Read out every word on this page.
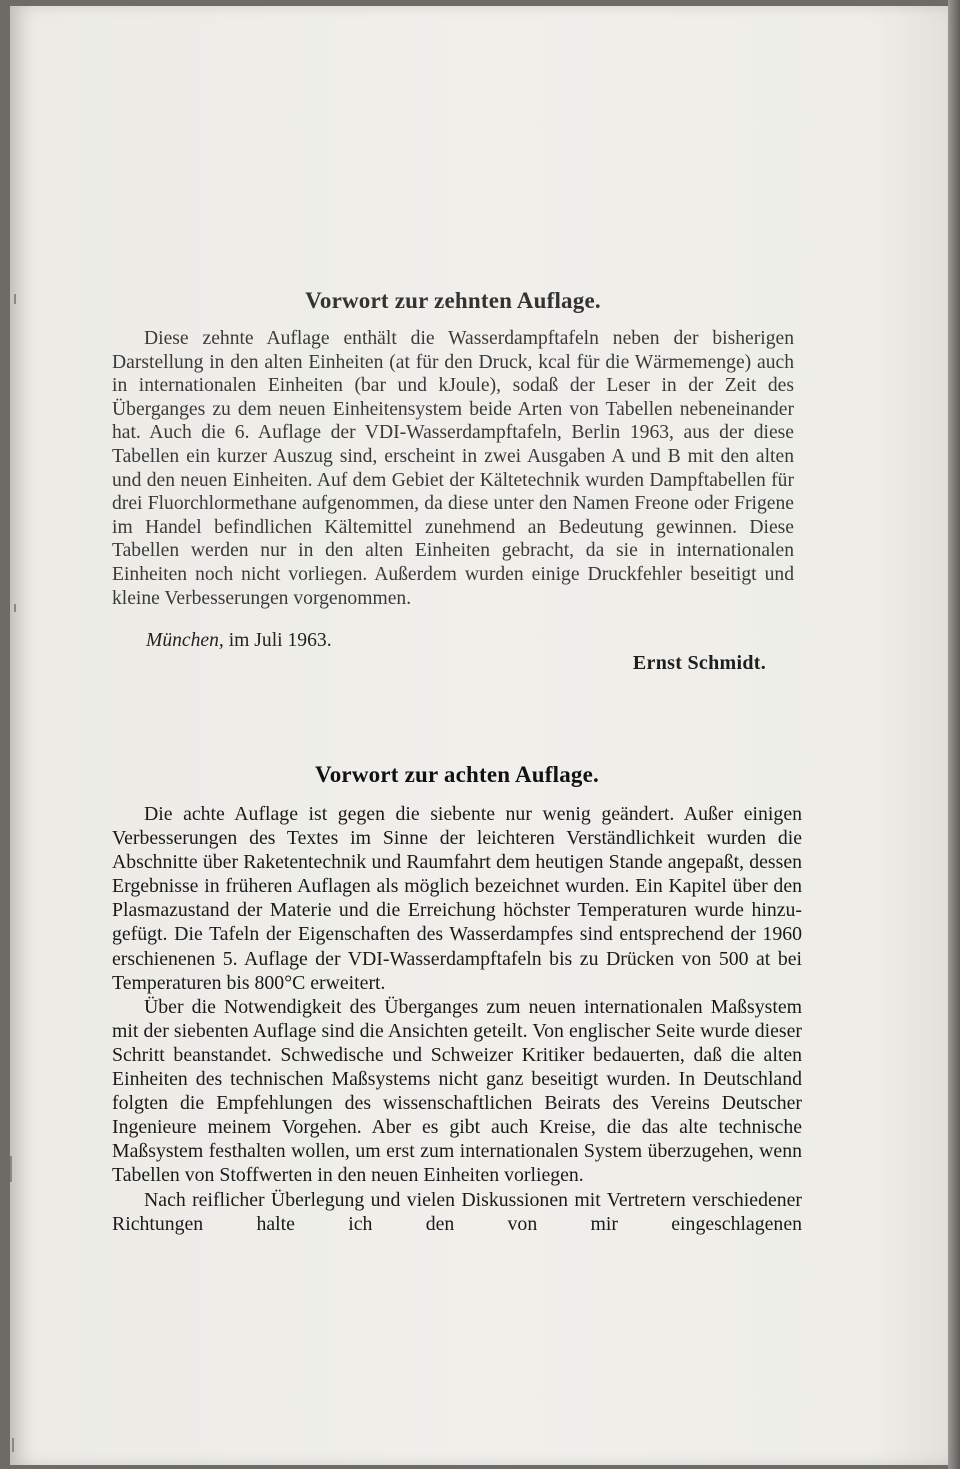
Vorwort zur zehnten Auflage.

Diese zehnte Auflage enthält die Wasserdampftafeln neben der bisherigen Darstellung in den alten Einheiten (at für den Druck, kcal für die Wärmemenge) auch in internationalen Einheiten (bar und kJoule), sodaß der Leser in der Zeit des Überganges zu dem neuen Einheitensystem beide Arten von Tabellen nebeneinander hat. Auch die 6. Auflage der VDI-Wasserdampftafeln, Berlin 1963, aus der diese Tabellen ein kurzer Auszug sind, erscheint in zwei Ausgaben A und B mit den alten und den neuen Einheiten. Auf dem Gebiet der Kältetechnik wurden Dampftabellen für drei Fluorchlormethane aufgenommen, da diese unter den Namen Freone oder Frigene im Handel befindlichen Kältemittel zunehmend an Bedeutung gewinnen. Diese Tabellen werden nur in den alten Einheiten gebracht, da sie in internationalen Einheiten noch nicht vorliegen. Außerdem wurden einige Druckfehler beseitigt und kleine Verbesserungen vorgenommen.

München, im Juli 1963.
Ernst Schmidt.
Vorwort zur achten Auflage.

Die achte Auflage ist gegen die siebente nur wenig geändert. Außer einigen Verbesserungen des Textes im Sinne der leichteren Verständlichkeit wurden die Abschnitte über Raketentechnik und Raumfahrt dem heutigen Stande angepaßt, dessen Ergebnisse in früheren Auflagen als möglich bezeichnet wurden. Ein Kapitel über den Plasmazustand der Materie und die Erreichung höchster Temperaturen wurde hinzugefügt. Die Tafeln der Eigenschaften des Wasserdampfes sind entsprechend der 1960 erschienenen 5. Auflage der VDI-Wasserdampftafeln bis zu Drücken von 500 at bei Temperaturen bis 800°C erweitert.

Über die Notwendigkeit des Überganges zum neuen internationalen Maßsystem mit der siebenten Auflage sind die Ansichten geteilt. Von englischer Seite wurde dieser Schritt beanstandet. Schwedische und Schweizer Kritiker bedauerten, daß die alten Einheiten des technischen Maßsystems nicht ganz beseitigt wurden. In Deutschland folgten die Empfehlungen des wissenschaftlichen Beirats des Vereins Deutscher Ingenieure meinem Vorgehen. Aber es gibt auch Kreise, die das alte technische Maßsystem festhalten wollen, um erst zum internationalen System überzugehen, wenn Tabellen von Stoffwerten in den neuen Einheiten vorliegen.

Nach reiflicher Überlegung und vielen Diskussionen mit Vertretern verschiedener Richtungen halte ich den von mir eingeschlagenen
